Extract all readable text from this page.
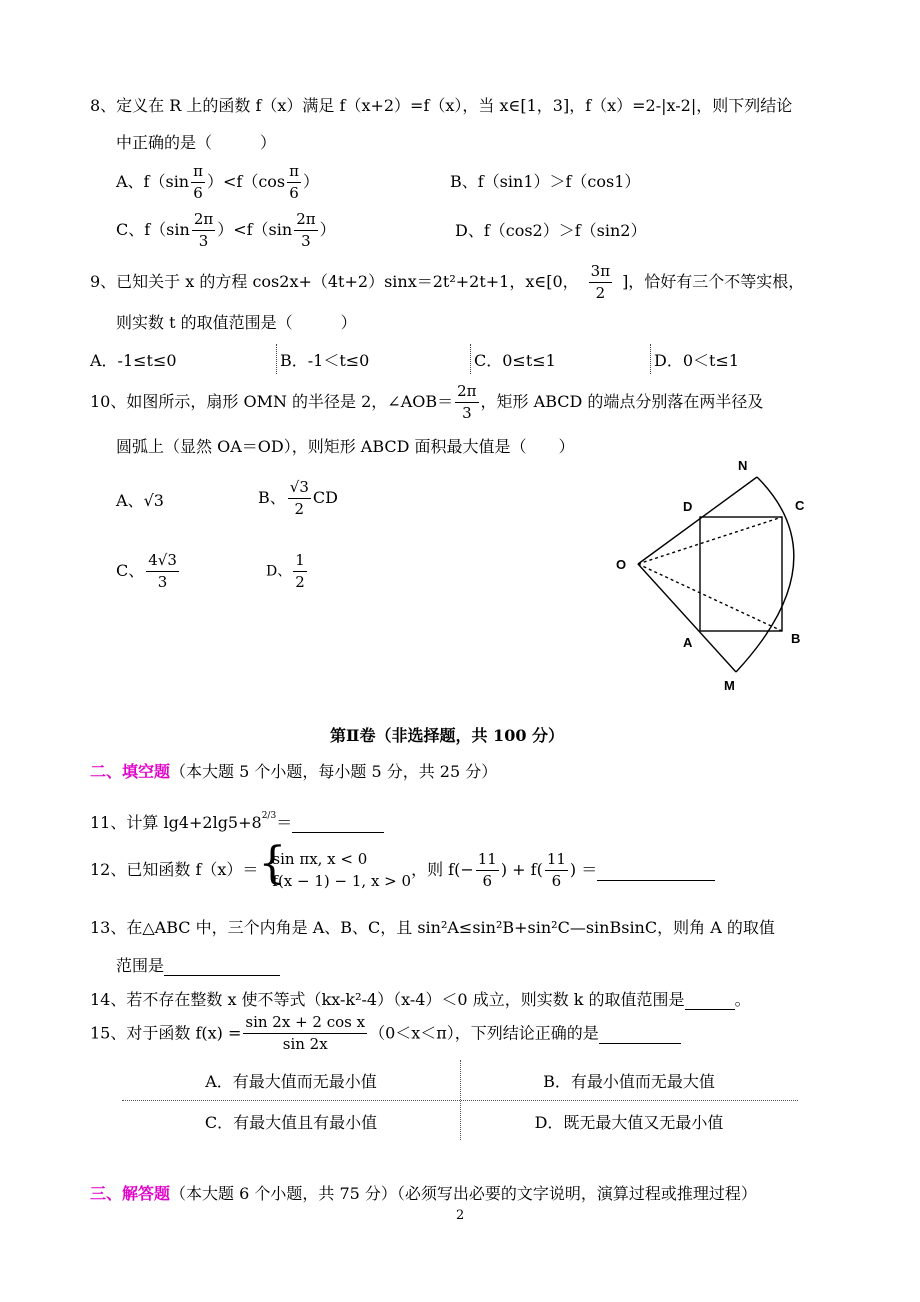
8、定义在 R 上的函数 f（x）满足 f（x+2）=f（x），当 x∈[1，3]，f（x）=2-|x-2|，则下列结论
中正确的是（　　　）
A、$f(\sin \frac{\pi}{6} )<f(\cos \frac{\pi}{6}$ ）	B、f（sin1）＞f（cos1）
C、$f(\sin \frac{2\pi}{3} )<f(\sin \frac{2\pi}{3}$ ）	D、f（cos2）＞f（sin2）
9、已知关于 x 的方程 cos2x+（4t+2）sinx＝2t²+2t+1，x∈[0， $\frac{3\pi}{2}$ ]，恰好有三个不等实根，
则实数 t 的取值范围是（　　　）
A．-1≤t≤0	B．-1＜t≤0	C．0≤t≤1	D．0＜t≤1
10、如图所示，扇形 OMN 的半径是 2，∠AOB＝ $\frac{2\pi}{3}$ ，矩形 ABCD 的端点分别落在两半径及
圆弧上（显然 OA＝OD），则矩形 ABCD 面积最大值是（　　）
A、√3	B、 $\frac{√3}{2}$ CD
C、 $\frac{4√3}{3}$	D、 $\frac{1}{2}$
N
D	C
O
A	B
M
第Ⅱ卷（非选择题，共 100 分）
二、填空题（本大题 5 个小题，每小题 5 分，共 25 分）
11、计算 $\lg 4+2\lg 5+8^{2/3}=$
12、已知函数 f（x）＝ {
sin πx, x < 0
f(x − 1) − 1, x > 0
，则 $f(- \frac{11}{6}$ ) + $f( \frac{11}{6}$ ) ＝
13、在△ABC 中，三个内角是 A、B、C，且 sin²A≤sin²B+sin²C—sinBsinC，则角 A 的取值
范围是
14、若不存在整数 x 使不等式（kx-k²-4）（x-4）＜0 成立，则实数 k 的取值范围是	。
15、对于函数 $f(x) = \frac{\text{sin 2x + 2 cos x}}{\sin 2x} (0<x<\pi)$，下列结论正确的是
A．有最大值而无最小值	B．有最小值而无最大值
C．有最大值且有最小值	D．既无最大值又无最小值
三、解答题（本大题 6 个小题，共 75 分）（必须写出必要的文字说明，演算过程或推理过程）
2
